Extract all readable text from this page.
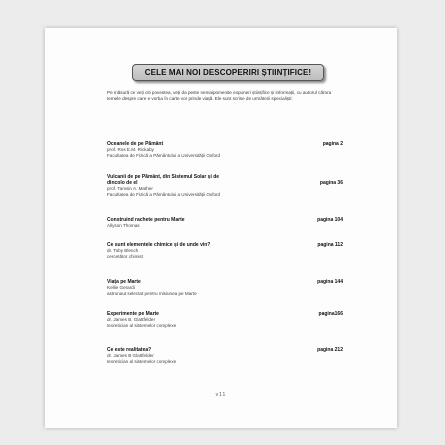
CELE MAI NOI DESCOPERIRI ȘTIINȚIFICE!

Pe măsură ce veți citi povestea, veți da peste nemaipomenite expuneri științifice și informații, cu autorul cărora temele despre care e vorba în carte vor prinde viață. Ele sunt scrise de următorii specialiști:

Oceanele de pe Pământ	pagina 2
prof. Ros E.M. Rickaby
Facultatea de Fizică a Pământului a Universității Oxford
Vulcanii de pe Pământ, din Sistemul Solar și de dincolo de el	pagina 36
prof. Tamsin A. Mather
Facultatea de Fizică a Pământului a Universității Oxford
Construind rachete pentru Marte	pagina 104
Allyson Thomas
Ce sunt elementele chimice și de unde vin?	pagina 112
dr. Toby Blench
cercetător chimist
Viața pe Marte	pagina 144
Kellie Gerardi
astronaut selectat pentru misiunea pe Marte
Experimente pe Marte	pagina166
dr. James B. Glattfelder
teoretician al sistemelor complexe
Ce este realitatea?	pagina 212
dr. James B Glattfelder
teoretician al sistemelor complexe
v11
